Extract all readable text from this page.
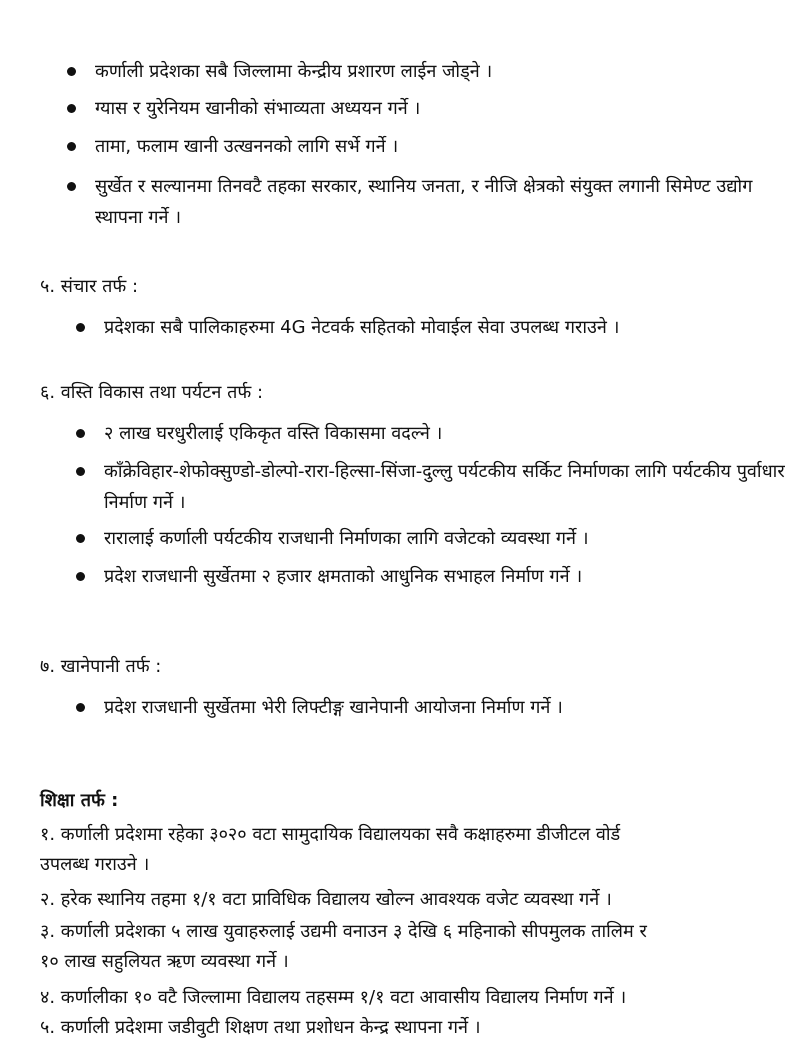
कर्णाली प्रदेशका सबै जिल्लामा केन्द्रीय प्रशारण लाईन जोड्ने ।
ग्यास र युरेनियम खानीको संभाव्यता अध्ययन गर्ने ।
तामा, फलाम खानी उत्खननको लागि सर्भे गर्ने ।
सुर्खेत र सल्यानमा तिनवटै तहका सरकार, स्थानिय जनता, र नीजि क्षेत्रको संयुक्त लगानी सिमेण्ट उद्योग स्थापना गर्ने ।
५. संचार तर्फ :
प्रदेशका सबै पालिकाहरुमा 4G नेटवर्क सहितको मोवाईल सेवा उपलब्ध गराउने ।
६. वस्ति विकास तथा पर्यटन तर्फ :
२ लाख घरधुरीलाई एकिकृत वस्ति विकासमा वदल्ने ।
काँक्रेविहार-शेफोक्सुण्डो-डोल्पो-रारा-हिल्सा-सिंजा-दुल्लु पर्यटकीय सर्किट निर्माणका लागि पर्यटकीय पुर्वाधार निर्माण गर्ने ।
रारालाई कर्णाली पर्यटकीय राजधानी निर्माणका लागि वजेटको व्यवस्था गर्ने ।
प्रदेश राजधानी सुर्खेतमा २ हजार क्षमताको आधुनिक सभाहल निर्माण गर्ने ।
७. खानेपानी तर्फ :
प्रदेश राजधानी सुर्खेतमा भेरी लिफ्टीङ्ग खानेपानी आयोजना निर्माण गर्ने ।
शिक्षा तर्फ :
१. कर्णाली प्रदेशमा रहेका ३०२० वटा सामुदायिक विद्यालयका सवै कक्षाहरुमा डीजीटल वोर्ड
उपलब्ध गराउने ।
२. हरेक स्थानिय तहमा १/१ वटा प्राविधिक विद्यालय खोल्न आवश्यक वजेट व्यवस्था गर्ने ।
३. कर्णाली प्रदेशका ५ लाख युवाहरुलाई उद्यमी वनाउन ३ देखि ६ महिनाको सीपमुलक तालिम र
१० लाख सहुलियत ऋण व्यवस्था गर्ने ।
४. कर्णालीका १० वटै जिल्लामा विद्यालय तहसम्म १/१ वटा आवासीय विद्यालय निर्माण गर्ने ।
५. कर्णाली प्रदेशमा जडीवुटी शिक्षण तथा प्रशोधन केन्द्र स्थापना गर्ने ।
